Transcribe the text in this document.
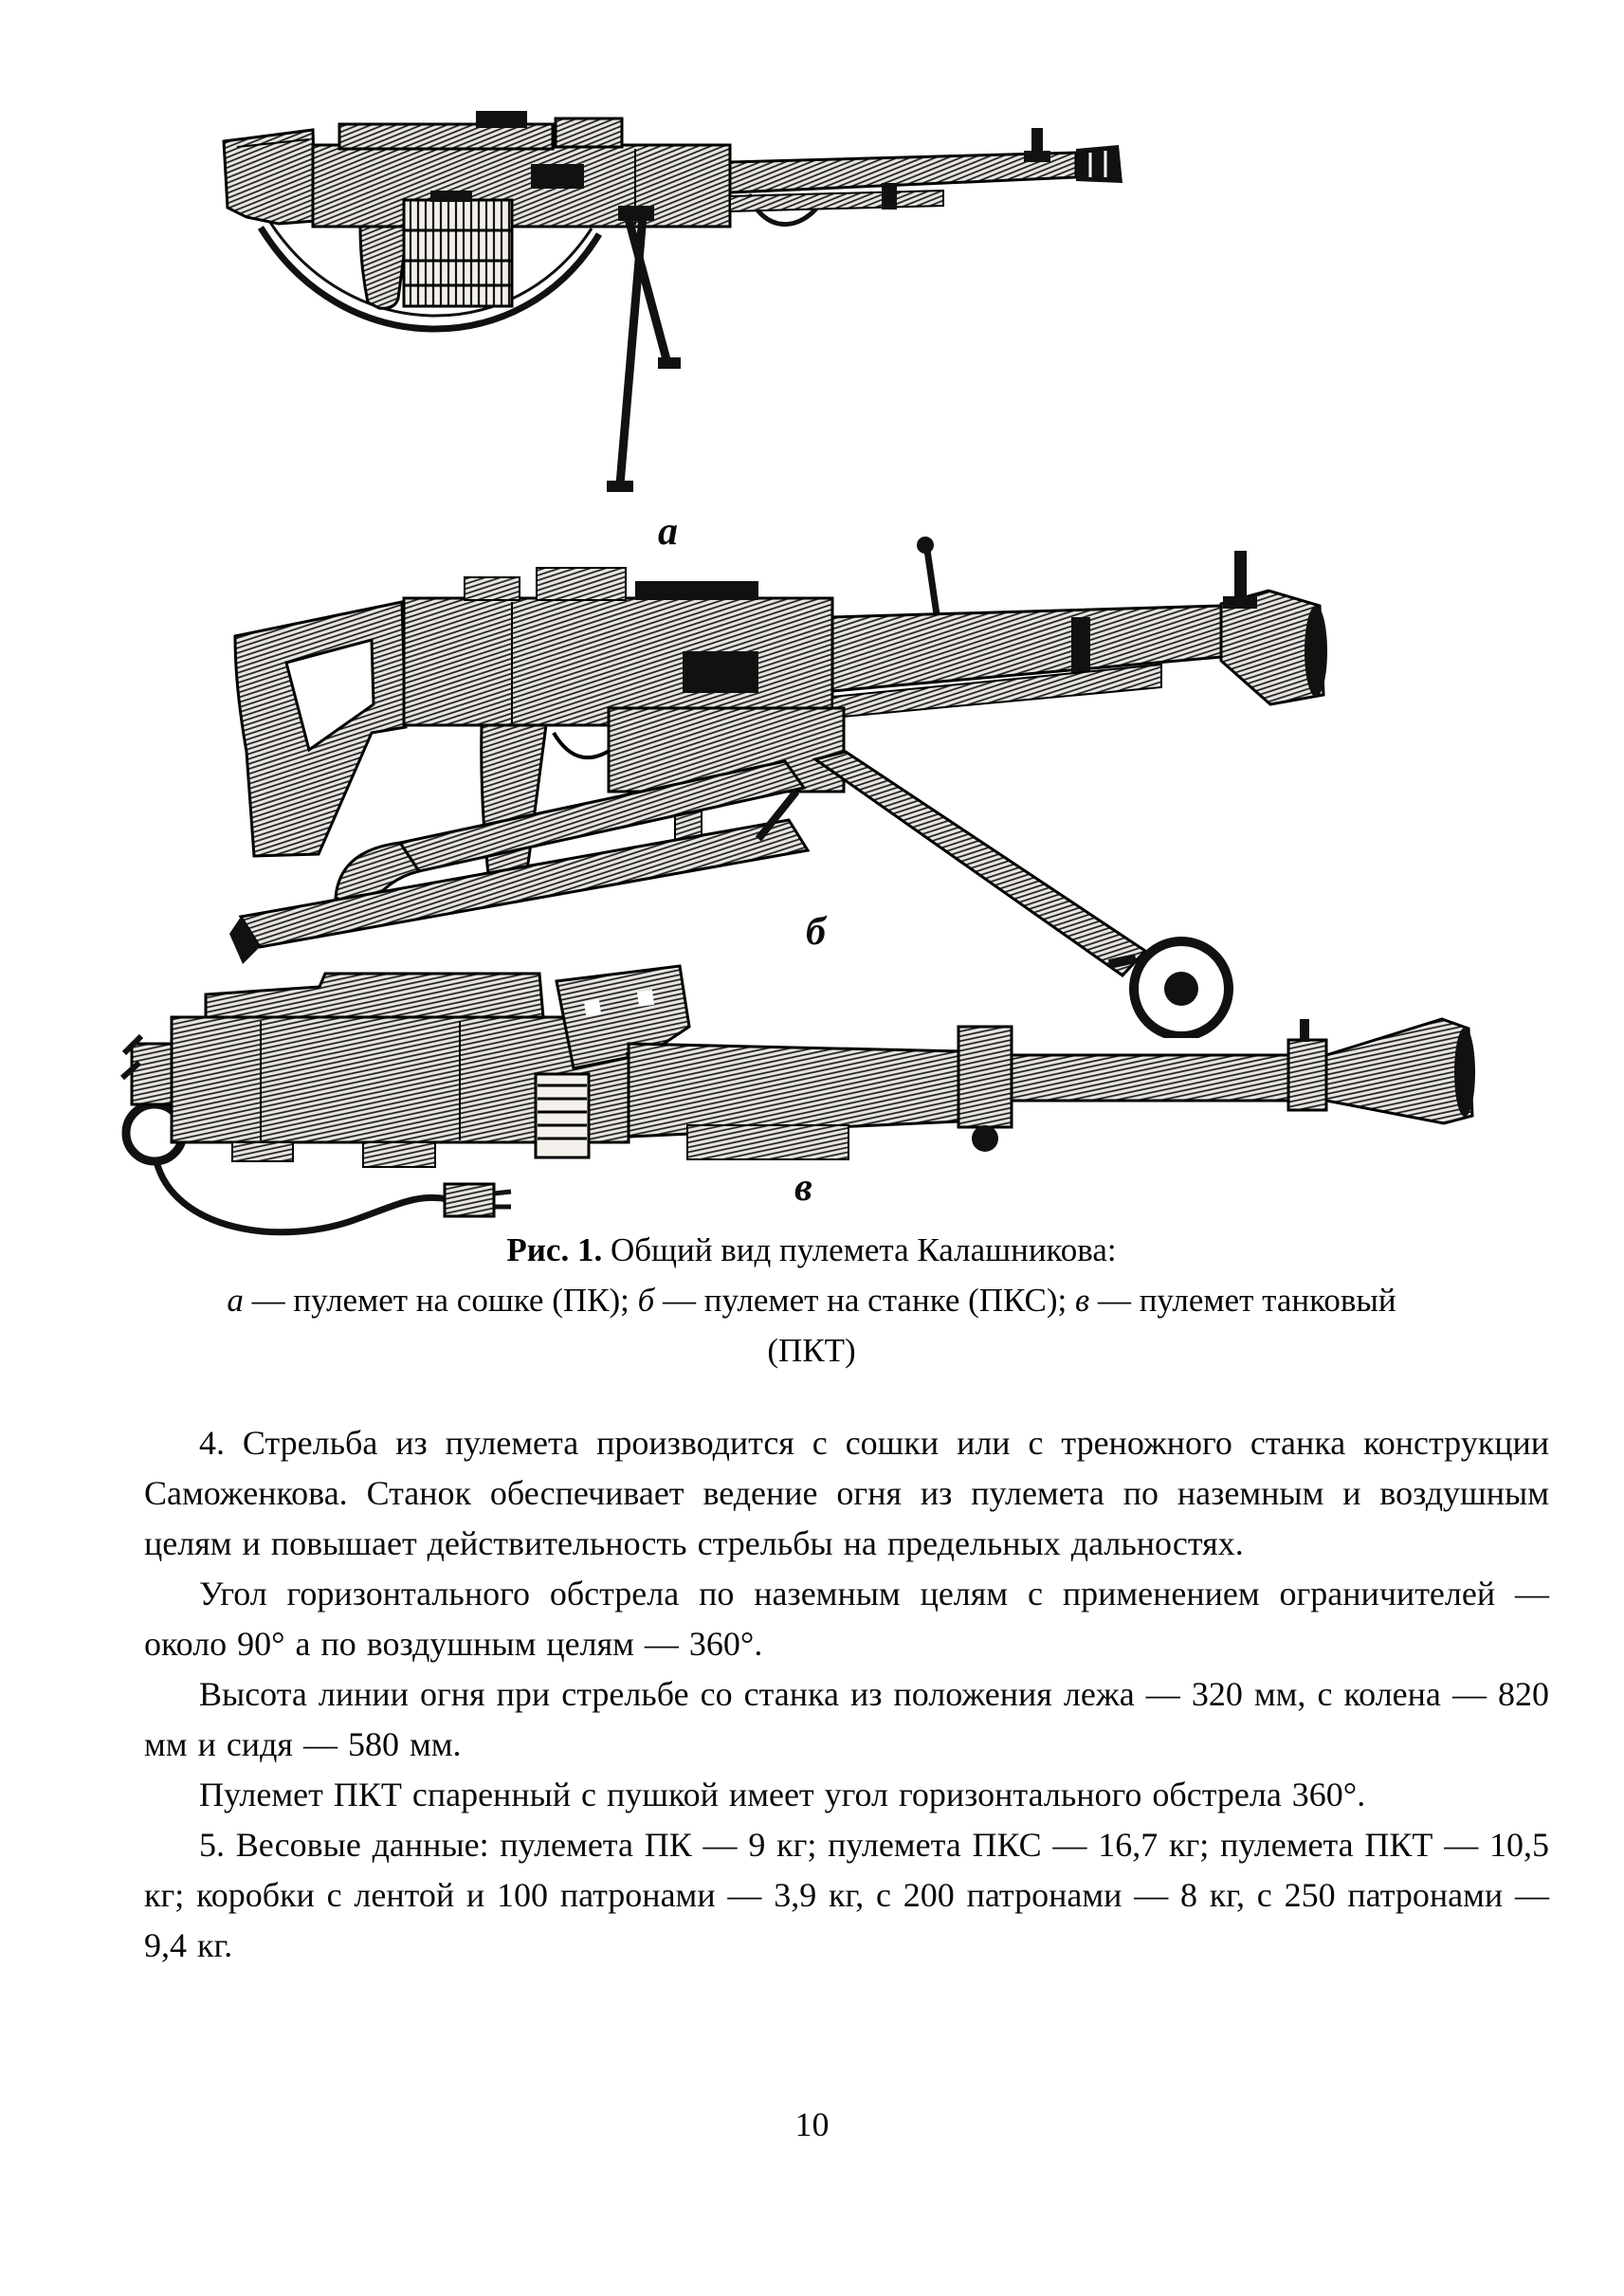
а
б
в
Рис. 1. Общий вид пулемета Калашникова:
а — пулемет на сошке (ПК); б — пулемет на станке (ПКС); в — пулемет танковый (ПКТ)

4. Стрельба из пулемета производится с сошки или с треножного станка конструкции Саможенкова. Станок обеспечивает ведение огня из пулемета по наземным и воздушным целям и повышает действительность стрельбы на предельных дальностях.

Угол горизонтального обстрела по наземным целям с применением ограничителей — около 90° а по воздушным целям — 360°.

Высота линии огня при стрельбе со станка из положения лежа — 320 мм, с колена — 820 мм и сидя — 580 мм.

Пулемет ПКТ спаренный с пушкой имеет угол горизонтального обстрела 360°.

5. Весовые данные: пулемета ПК — 9 кг; пулемета ПКС — 16,7 кг; пулемета ПКТ — 10,5 кг; коробки с лентой и 100 патронами — 3,9 кг, с 200 патронами — 8 кг, с 250 патронами — 9,4 кг.

10
